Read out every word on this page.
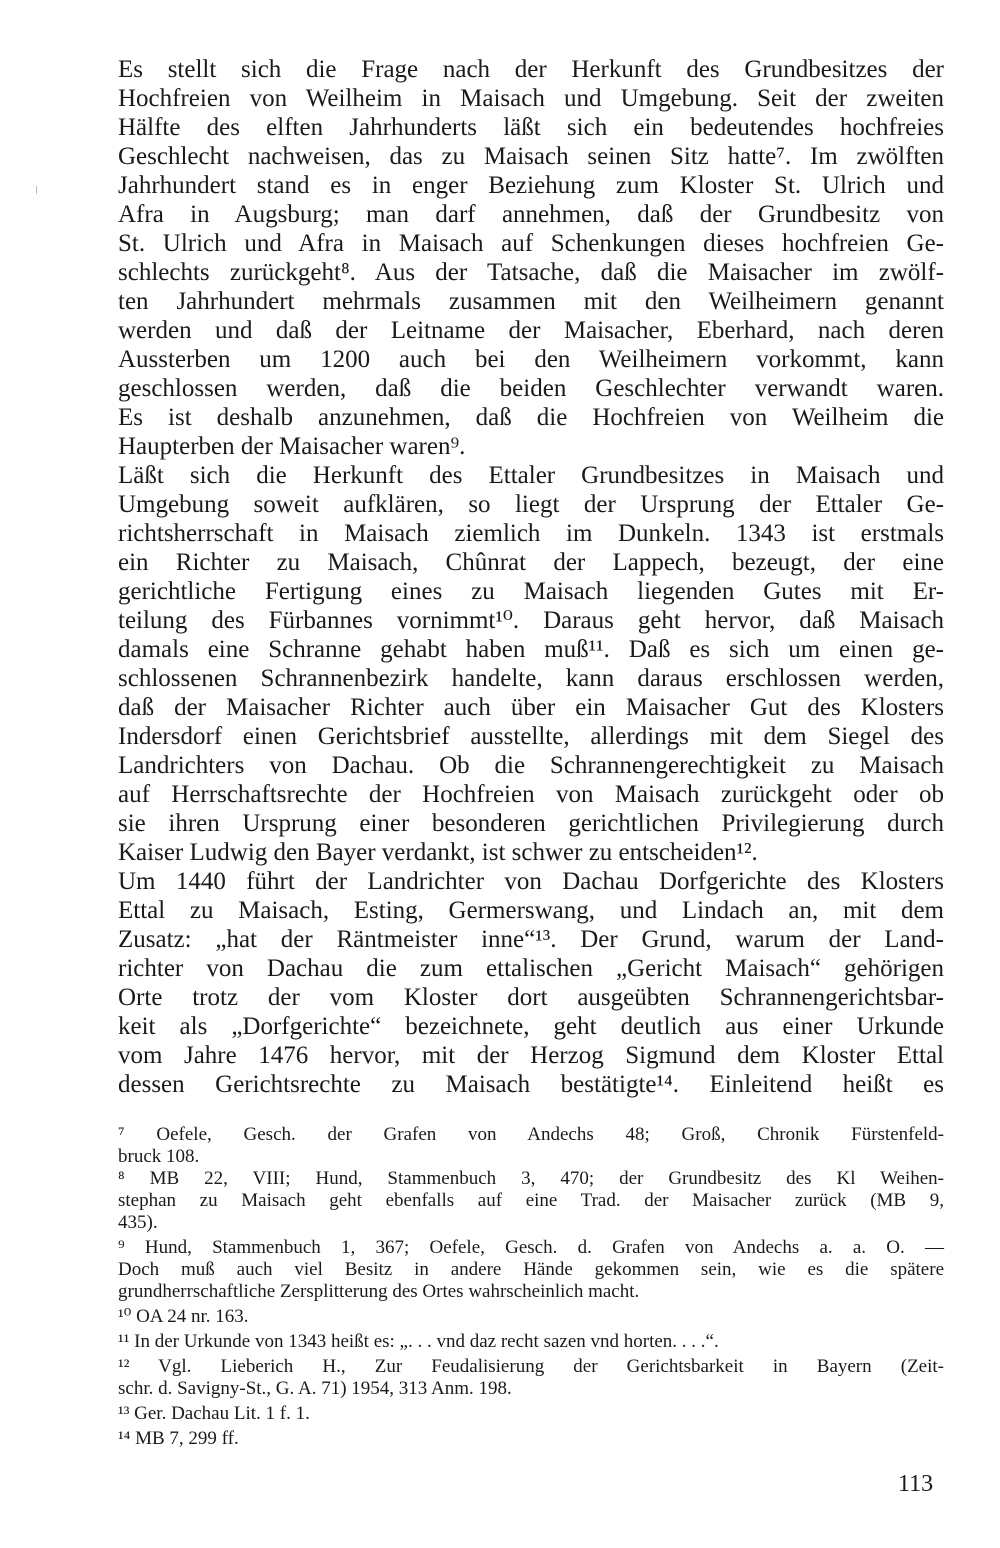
Es stellt sich die Frage nach der Herkunft des Grundbesitzes der

Hochfreien von Weilheim in Maisach und Umgebung. Seit der zweiten

Hälfte des elften Jahrhunderts läßt sich ein bedeutendes hochfreies

Geschlecht nachweisen, das zu Maisach seinen Sitz hatte⁷. Im zwölften

Jahrhundert stand es in enger Beziehung zum Kloster St. Ulrich und

Afra in Augsburg; man darf annehmen, daß der Grundbesitz von

St. Ulrich und Afra in Maisach auf Schenkungen dieses hochfreien Ge-

schlechts zurückgeht⁸. Aus der Tatsache, daß die Maisacher im zwölf-

ten Jahrhundert mehrmals zusammen mit den Weilheimern genannt

werden und daß der Leitname der Maisacher, Eberhard, nach deren

Aussterben um 1200 auch bei den Weilheimern vorkommt, kann

geschlossen werden, daß die beiden Geschlechter verwandt waren.

Es ist deshalb anzunehmen, daß die Hochfreien von Weilheim die

Haupterben der Maisacher waren⁹.

Läßt sich die Herkunft des Ettaler Grundbesitzes in Maisach und

Umgebung soweit aufklären, so liegt der Ursprung der Ettaler Ge-

richtsherrschaft in Maisach ziemlich im Dunkeln. 1343 ist erstmals

ein Richter zu Maisach, Chûnrat der Lappech, bezeugt, der eine

gerichtliche Fertigung eines zu Maisach liegenden Gutes mit Er-

teilung des Fürbannes vornimmt¹⁰. Daraus geht hervor, daß Maisach

damals eine Schranne gehabt haben muß¹¹. Daß es sich um einen ge-

schlossenen Schrannenbezirk handelte, kann daraus erschlossen werden,

daß der Maisacher Richter auch über ein Maisacher Gut des Klosters

Indersdorf einen Gerichtsbrief ausstellte, allerdings mit dem Siegel des

Landrichters von Dachau. Ob die Schrannengerechtigkeit zu Maisach

auf Herrschaftsrechte der Hochfreien von Maisach zurückgeht oder ob

sie ihren Ursprung einer besonderen gerichtlichen Privilegierung durch

Kaiser Ludwig den Bayer verdankt, ist schwer zu entscheiden¹².

Um 1440 führt der Landrichter von Dachau Dorfgerichte des Klosters

Ettal zu Maisach, Esting, Germerswang, und Lindach an, mit dem

Zusatz: „hat der Räntmeister inne“¹³. Der Grund, warum der Land-

richter von Dachau die zum ettalischen „Gericht Maisach“ gehörigen

Orte trotz der vom Kloster dort ausgeübten Schrannengerichtsbar-

keit als „Dorfgerichte“ bezeichnete, geht deutlich aus einer Urkunde

vom Jahre 1476 hervor, mit der Herzog Sigmund dem Kloster Ettal

dessen Gerichtsrechte zu Maisach bestätigte¹⁴. Einleitend heißt es

⁷ Oefele, Gesch. der Grafen von Andechs 48; Groß, Chronik Fürstenfeld-

bruck 108.

⁸ MB 22, VIII; Hund, Stammenbuch 3, 470; der Grundbesitz des Kl Weihen-

stephan zu Maisach geht ebenfalls auf eine Trad. der Maisacher zurück (MB 9,

435).

⁹ Hund, Stammenbuch 1, 367; Oefele, Gesch. d. Grafen von Andechs a. a. O. —

Doch muß auch viel Besitz in andere Hände gekommen sein, wie es die spätere

grundherrschaftliche Zersplitterung des Ortes wahrscheinlich macht.

¹⁰ OA 24 nr. 163.

¹¹ In der Urkunde von 1343 heißt es: „. . . vnd daz recht sazen vnd horten. . . .“.

¹² Vgl. Lieberich H., Zur Feudalisierung der Gerichtsbarkeit in Bayern (Zeit-

schr. d. Savigny-St., G. A. 71) 1954, 313 Anm. 198.

¹³ Ger. Dachau Lit. 1 f. 1.

¹⁴ MB 7, 299 ff.

113
